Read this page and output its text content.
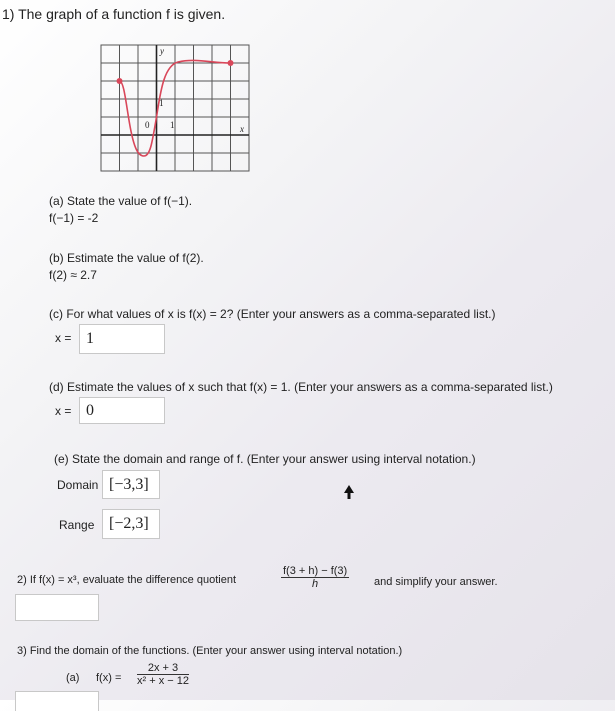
1) The graph of a function f is given.
y
x
1
0 1
(a) State the value of f(−1).
f(−1) = -2
(b) Estimate the value of f(2).
f(2) ≈ 2.7
(c) For what values of x is f(x) = 2? (Enter your answers as a comma-separated list.)
x = 1
(d) Estimate the values of x such that f(x) = 1. (Enter your answers as a comma-separated list.)
x = 0
(e) State the domain and range of f. (Enter your answer using interval notation.)
Domain [−3,3]
Range [−2,3]
2) If f(x) = x³, evaluate the difference quotient	$\frac{f(3 + h) - f(3)}{h}$ and simplify your answer.
3) Find the domain of the functions. (Enter your answer using interval notation.)
(a) $f(x) = \frac{2x + 3}{\text{x² + x − 12}}$
